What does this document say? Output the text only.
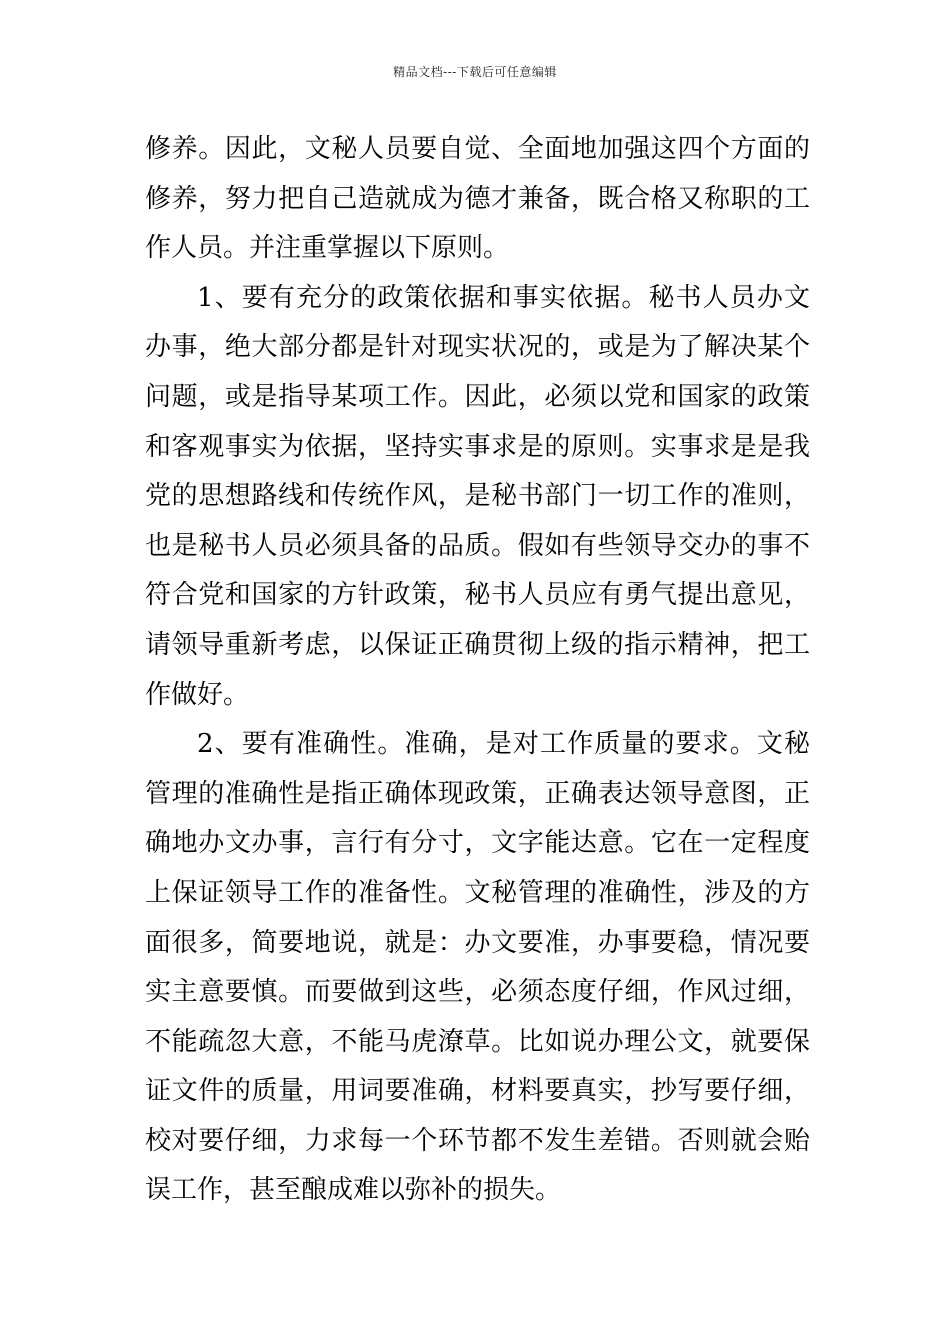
精品文档---下载后可任意编辑

修养。因此，文秘人员要自觉、全面地加强这四个方面的修养，努力把自己造就成为德才兼备，既合格又称职的工作人员。并注重掌握以下原则。

1、要有充分的政策依据和事实依据。秘书人员办文办事，绝大部分都是针对现实状况的，或是为了解决某个问题，或是指导某项工作。因此，必须以党和国家的政策和客观事实为依据，坚持实事求是的原则。实事求是是我党的思想路线和传统作风，是秘书部门一切工作的准则，也是秘书人员必须具备的品质。假如有些领导交办的事不符合党和国家的方针政策，秘书人员应有勇气提出意见，请领导重新考虑，以保证正确贯彻上级的指示精神，把工作做好。

2、要有准确性。准确，是对工作质量的要求。文秘管理的准确性是指正确体现政策，正确表达领导意图，正确地办文办事，言行有分寸，文字能达意。它在一定程度上保证领导工作的准备性。文秘管理的准确性，涉及的方面很多，简要地说，就是：办文要准，办事要稳，情况要实主意要慎。而要做到这些，必须态度仔细，作风过细，不能疏忽大意，不能马虎潦草。比如说办理公文，就要保证文件的质量，用词要准确，材料要真实，抄写要仔细，校对要仔细，力求每一个环节都不发生差错。否则就会贻误工作，甚至酿成难以弥补的损失。
